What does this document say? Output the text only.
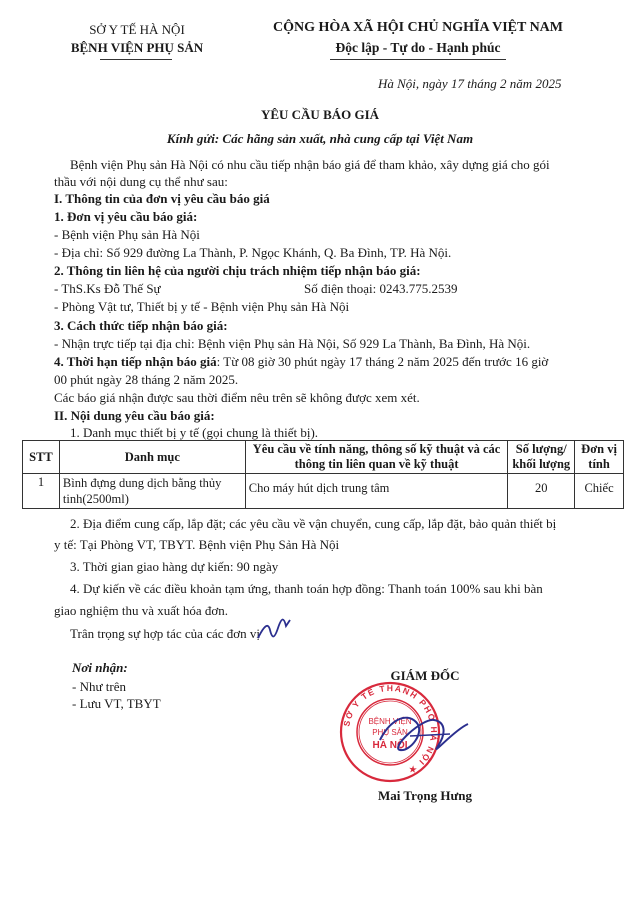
SỞ Y TẾ HÀ NỘI
BỆNH VIỆN PHỤ SẢN
CỘNG HÒA XÃ HỘI CHỦ NGHĨA VIỆT NAM
Độc lập - Tự do - Hạnh phúc
Hà Nội, ngày 17 tháng 2 năm 2025
YÊU CẦU BÁO GIÁ
Kính gửi: Các hãng sản xuất, nhà cung cấp tại Việt Nam
Bệnh viện Phụ sản Hà Nội có nhu cầu tiếp nhận báo giá để tham khảo, xây dựng giá cho gói
thầu với nội dung cụ thể như sau:
I. Thông tin của đơn vị yêu cầu báo giá
1. Đơn vị yêu cầu báo giá:
- Bệnh viện Phụ sản Hà Nội
- Địa chỉ: Số 929 đường La Thành, P. Ngọc Khánh, Q. Ba Đình, TP. Hà Nội.
2. Thông tin liên hệ của người chịu trách nhiệm tiếp nhận báo giá:
- ThS.Ks Đỗ Thế Sự	Số điện thoại: 0243.775.2539
- Phòng Vật tư, Thiết bị y tế - Bệnh viện Phụ sản Hà Nội
3. Cách thức tiếp nhận báo giá:
- Nhận trực tiếp tại địa chỉ: Bệnh viện Phụ sản Hà Nội, Số 929 La Thành, Ba Đình, Hà Nội.
4. Thời hạn tiếp nhận báo giá: Từ 08 giờ 30 phút ngày 17 tháng 2 năm 2025 đến trước 16 giờ
00 phút ngày 28 tháng 2 năm 2025.
Các báo giá nhận được sau thời điểm nêu trên sẽ không được xem xét.
II. Nội dung yêu cầu báo giá:
1. Danh mục thiết bị y tế (gọi chung là thiết bị).
STT	Danh mục	Yêu cầu về tính năng, thông số kỹ thuật và các
thông tin liên quan về kỹ thuật	Số lượng/
khối lượng	Đơn vị
tính
1	Bình đựng dung dịch bằng thủy
tinh(2500ml)	Cho máy hút dịch trung tâm	20	Chiếc
2. Địa điểm cung cấp, lắp đặt; các yêu cầu về vận chuyển, cung cấp, lắp đặt, bảo quản thiết bị
y tế: Tại Phòng VT, TBYT. Bệnh viện Phụ Sản Hà Nội
3. Thời gian giao hàng dự kiến: 90 ngày
4. Dự kiến về các điều khoản tạm ứng, thanh toán hợp đồng: Thanh toán 100% sau khi bàn
giao nghiệm thu và xuất hóa đơn.
Trân trọng sự hợp tác của các đơn vị
Nơi nhận:
- Như trên
- Lưu VT, TBYT
GIÁM ĐỐC
SỞ Y TẾ THÀNH PHỐ HÀ NỘI ★
BỆNH VIỆN
PHỤ SẢN
HÀ NỘI
Mai Trọng Hưng
